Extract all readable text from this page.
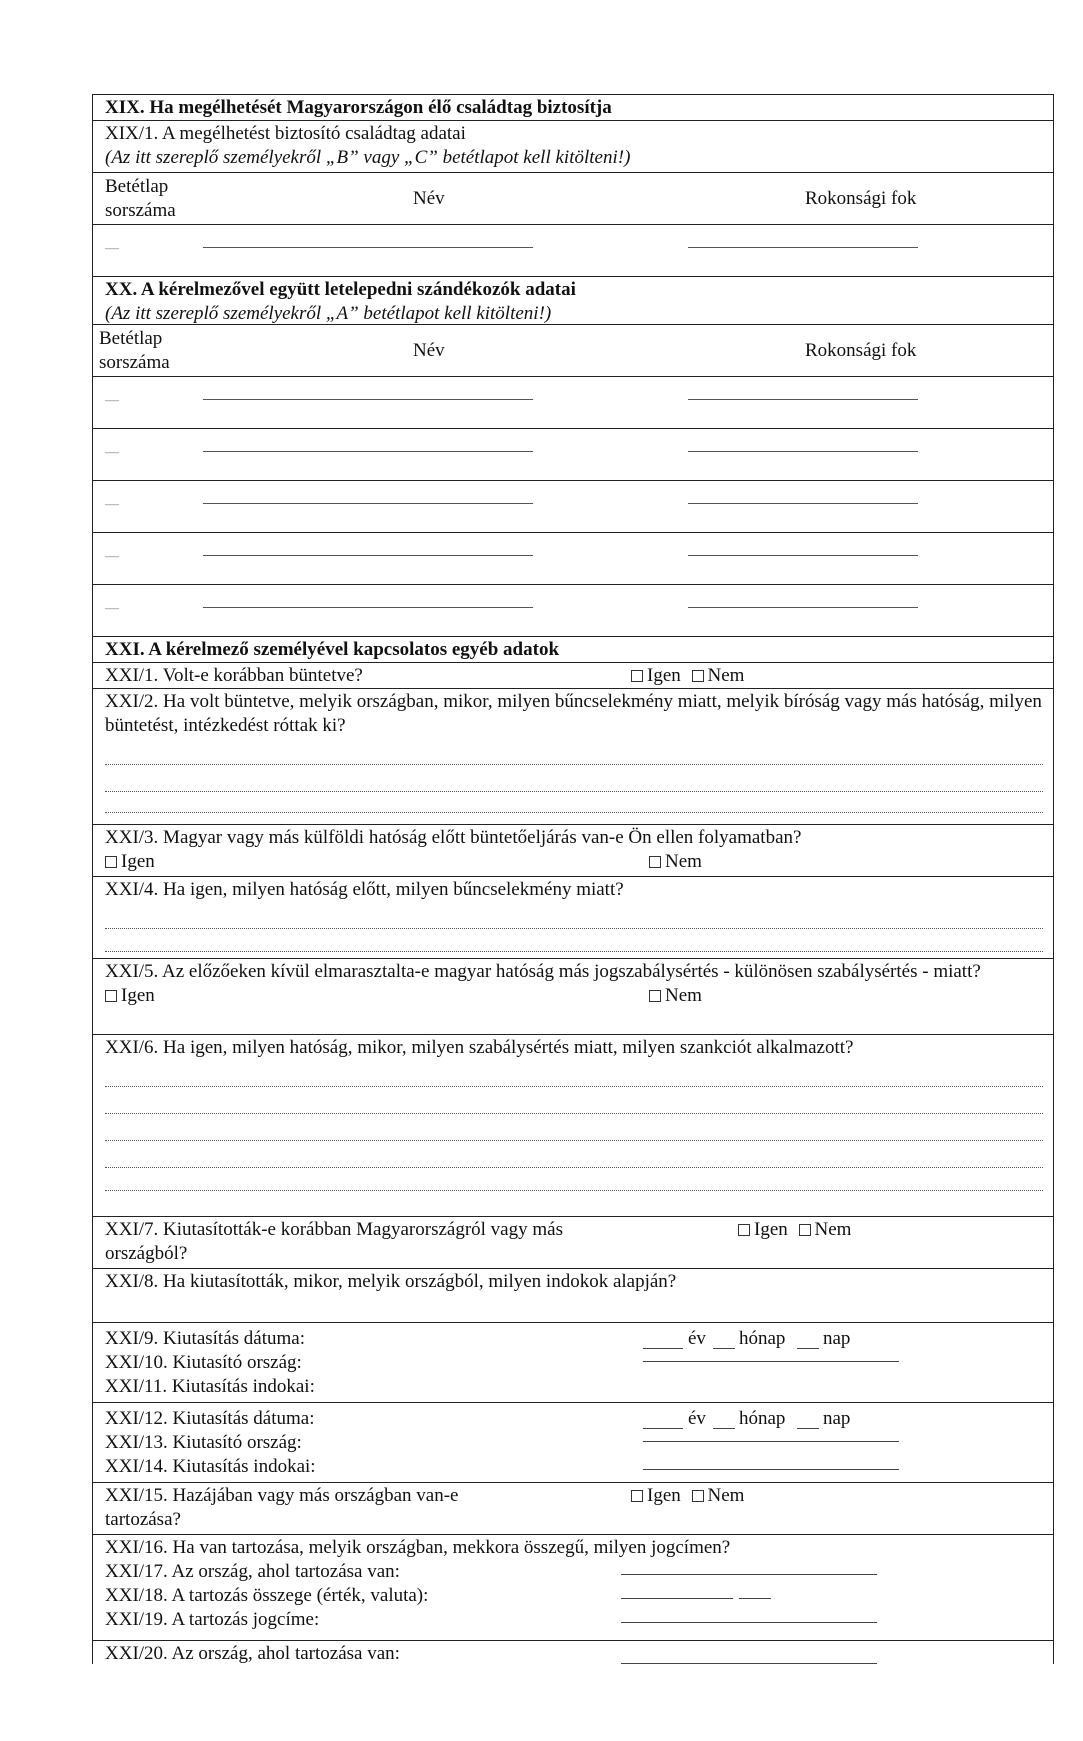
XIX. Ha megélhetését Magyarországon élő családtag biztosítja
XIX/1. A megélhetést biztosító családtag adatai
(Az itt szereplő személyekről „B” vagy „C” betétlapot kell kitölteni!)
Betétlap
sorszáma
Név	Rokonsági fok
—
XX. A kérelmezővel együtt letelepedni szándékozók adatai
(Az itt szereplő személyekről „A” betétlapot kell kitölteni!)
Betétlap
sorszáma
Név	Rokonsági fok
—
—
—
—
—
XXI. A kérelmező személyével kapcsolatos egyéb adatok
XXI/1. Volt-e korábban büntetve?	Igen Nem
XXI/2. Ha volt büntetve, melyik országban, mikor, milyen bűncselekmény miatt, melyik bíróság vagy más hatóság, milyen büntetést, intézkedést róttak ki?
XXI/3. Magyar vagy más külföldi hatóság előtt büntetőeljárás van-e Ön ellen folyamatban?
Igen	Nem
XXI/4. Ha igen, milyen hatóság előtt, milyen bűncselekmény miatt?
XXI/5. Az előzőeken kívül elmarasztalta-e magyar hatóság más jogszabálysértés - különösen szabálysértés - miatt?
Igen	Nem
XXI/6. Ha igen, milyen hatóság, mikor, milyen szabálysértés miatt, milyen szankciót alkalmazott?
XXI/7. Kiutasították-e korábban Magyarországról vagy más országból?
Igen Nem
XXI/8. Ha kiutasították, mikor, melyik országból, milyen indokok alapján?
XXI/9. Kiutasítás dátuma:	év hónap nap
XXI/10. Kiutasító ország:
XXI/11. Kiutasítás indokai:
XXI/12. Kiutasítás dátuma:	év hónap nap
XXI/13. Kiutasító ország:
XXI/14. Kiutasítás indokai:
XXI/15. Hazájában vagy más országban van-e tartozása?
Igen Nem
XXI/16. Ha van tartozása, melyik országban, mekkora összegű, milyen jogcímen?
XXI/17. Az ország, ahol tartozása van:
XXI/18. A tartozás összege (érték, valuta):
XXI/19. A tartozás jogcíme:
XXI/20. Az ország, ahol tartozása van:
